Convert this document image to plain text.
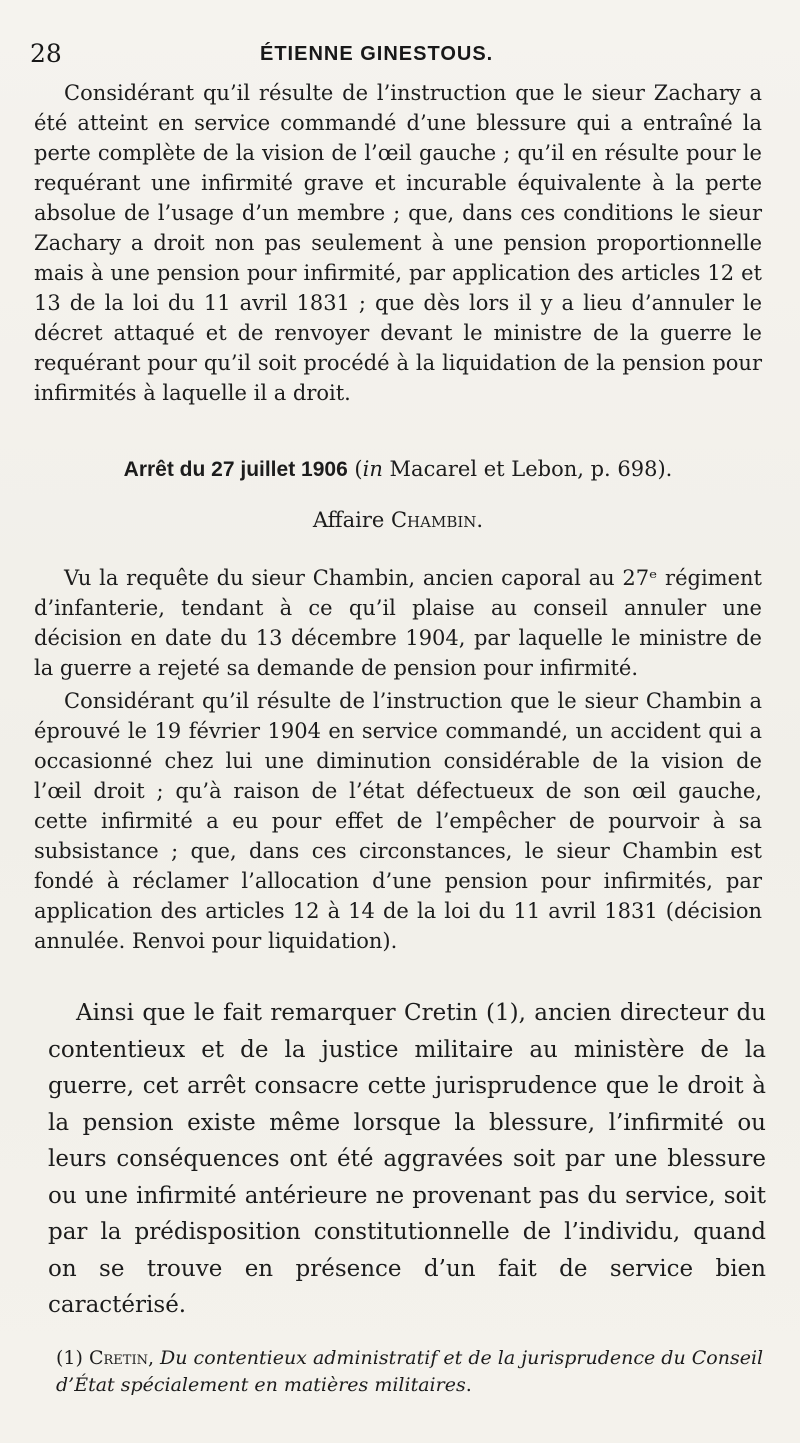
28	ÉTIENNE GINESTOUS.

Considérant qu’il résulte de l’instruction que le sieur Zachary a été atteint en service commandé d’une blessure qui a entraîné la perte complète de la vision de l’œil gauche ; qu’il en résulte pour le requérant une infirmité grave et incurable équivalente à la perte absolue de l’usage d’un membre ; que, dans ces conditions le sieur Zachary a droit non pas seulement à une pension proportionnelle mais à une pension pour infirmité, par application des articles 12 et 13 de la loi du 11 avril 1831 ; que dès lors il y a lieu d’annuler le décret attaqué et de renvoyer devant le ministre de la guerre le requérant pour qu’il soit procédé à la liquidation de la pension pour infirmités à laquelle il a droit.

Arrêt du 27 juillet 1906 (in Macarel et Lebon, p. 698).
Affaire Chambin.

Vu la requête du sieur Chambin, ancien caporal au 27ᵉ régiment d’infanterie, tendant à ce qu’il plaise au conseil annuler une décision en date du 13 décembre 1904, par laquelle le ministre de la guerre a rejeté sa demande de pension pour infirmité.

Considérant qu’il résulte de l’instruction que le sieur Chambin a éprouvé le 19 février 1904 en service commandé, un accident qui a occasionné chez lui une diminution considérable de la vision de l’œil droit ; qu’à raison de l’état défectueux de son œil gauche, cette infirmité a eu pour effet de l’empêcher de pourvoir à sa subsistance ; que, dans ces circonstances, le sieur Chambin est fondé à réclamer l’allocation d’une pension pour infirmités, par application des articles 12 à 14 de la loi du 11 avril 1831 (décision annulée. Renvoi pour liquidation).

Ainsi que le fait remarquer Cretin (1), ancien directeur du contentieux et de la justice militaire au ministère de la guerre, cet arrêt consacre cette jurisprudence que le droit à la pension existe même lorsque la blessure, l’infirmité ou leurs conséquences ont été aggravées soit par une blessure ou une infirmité antérieure ne provenant pas du service, soit par la prédisposition constitutionnelle de l’individu, quand on se trouve en présence d’un fait de service bien caractérisé.

(1) Cretin, Du contentieux administratif et de la jurisprudence du Conseil d’État spécialement en matières militaires.
